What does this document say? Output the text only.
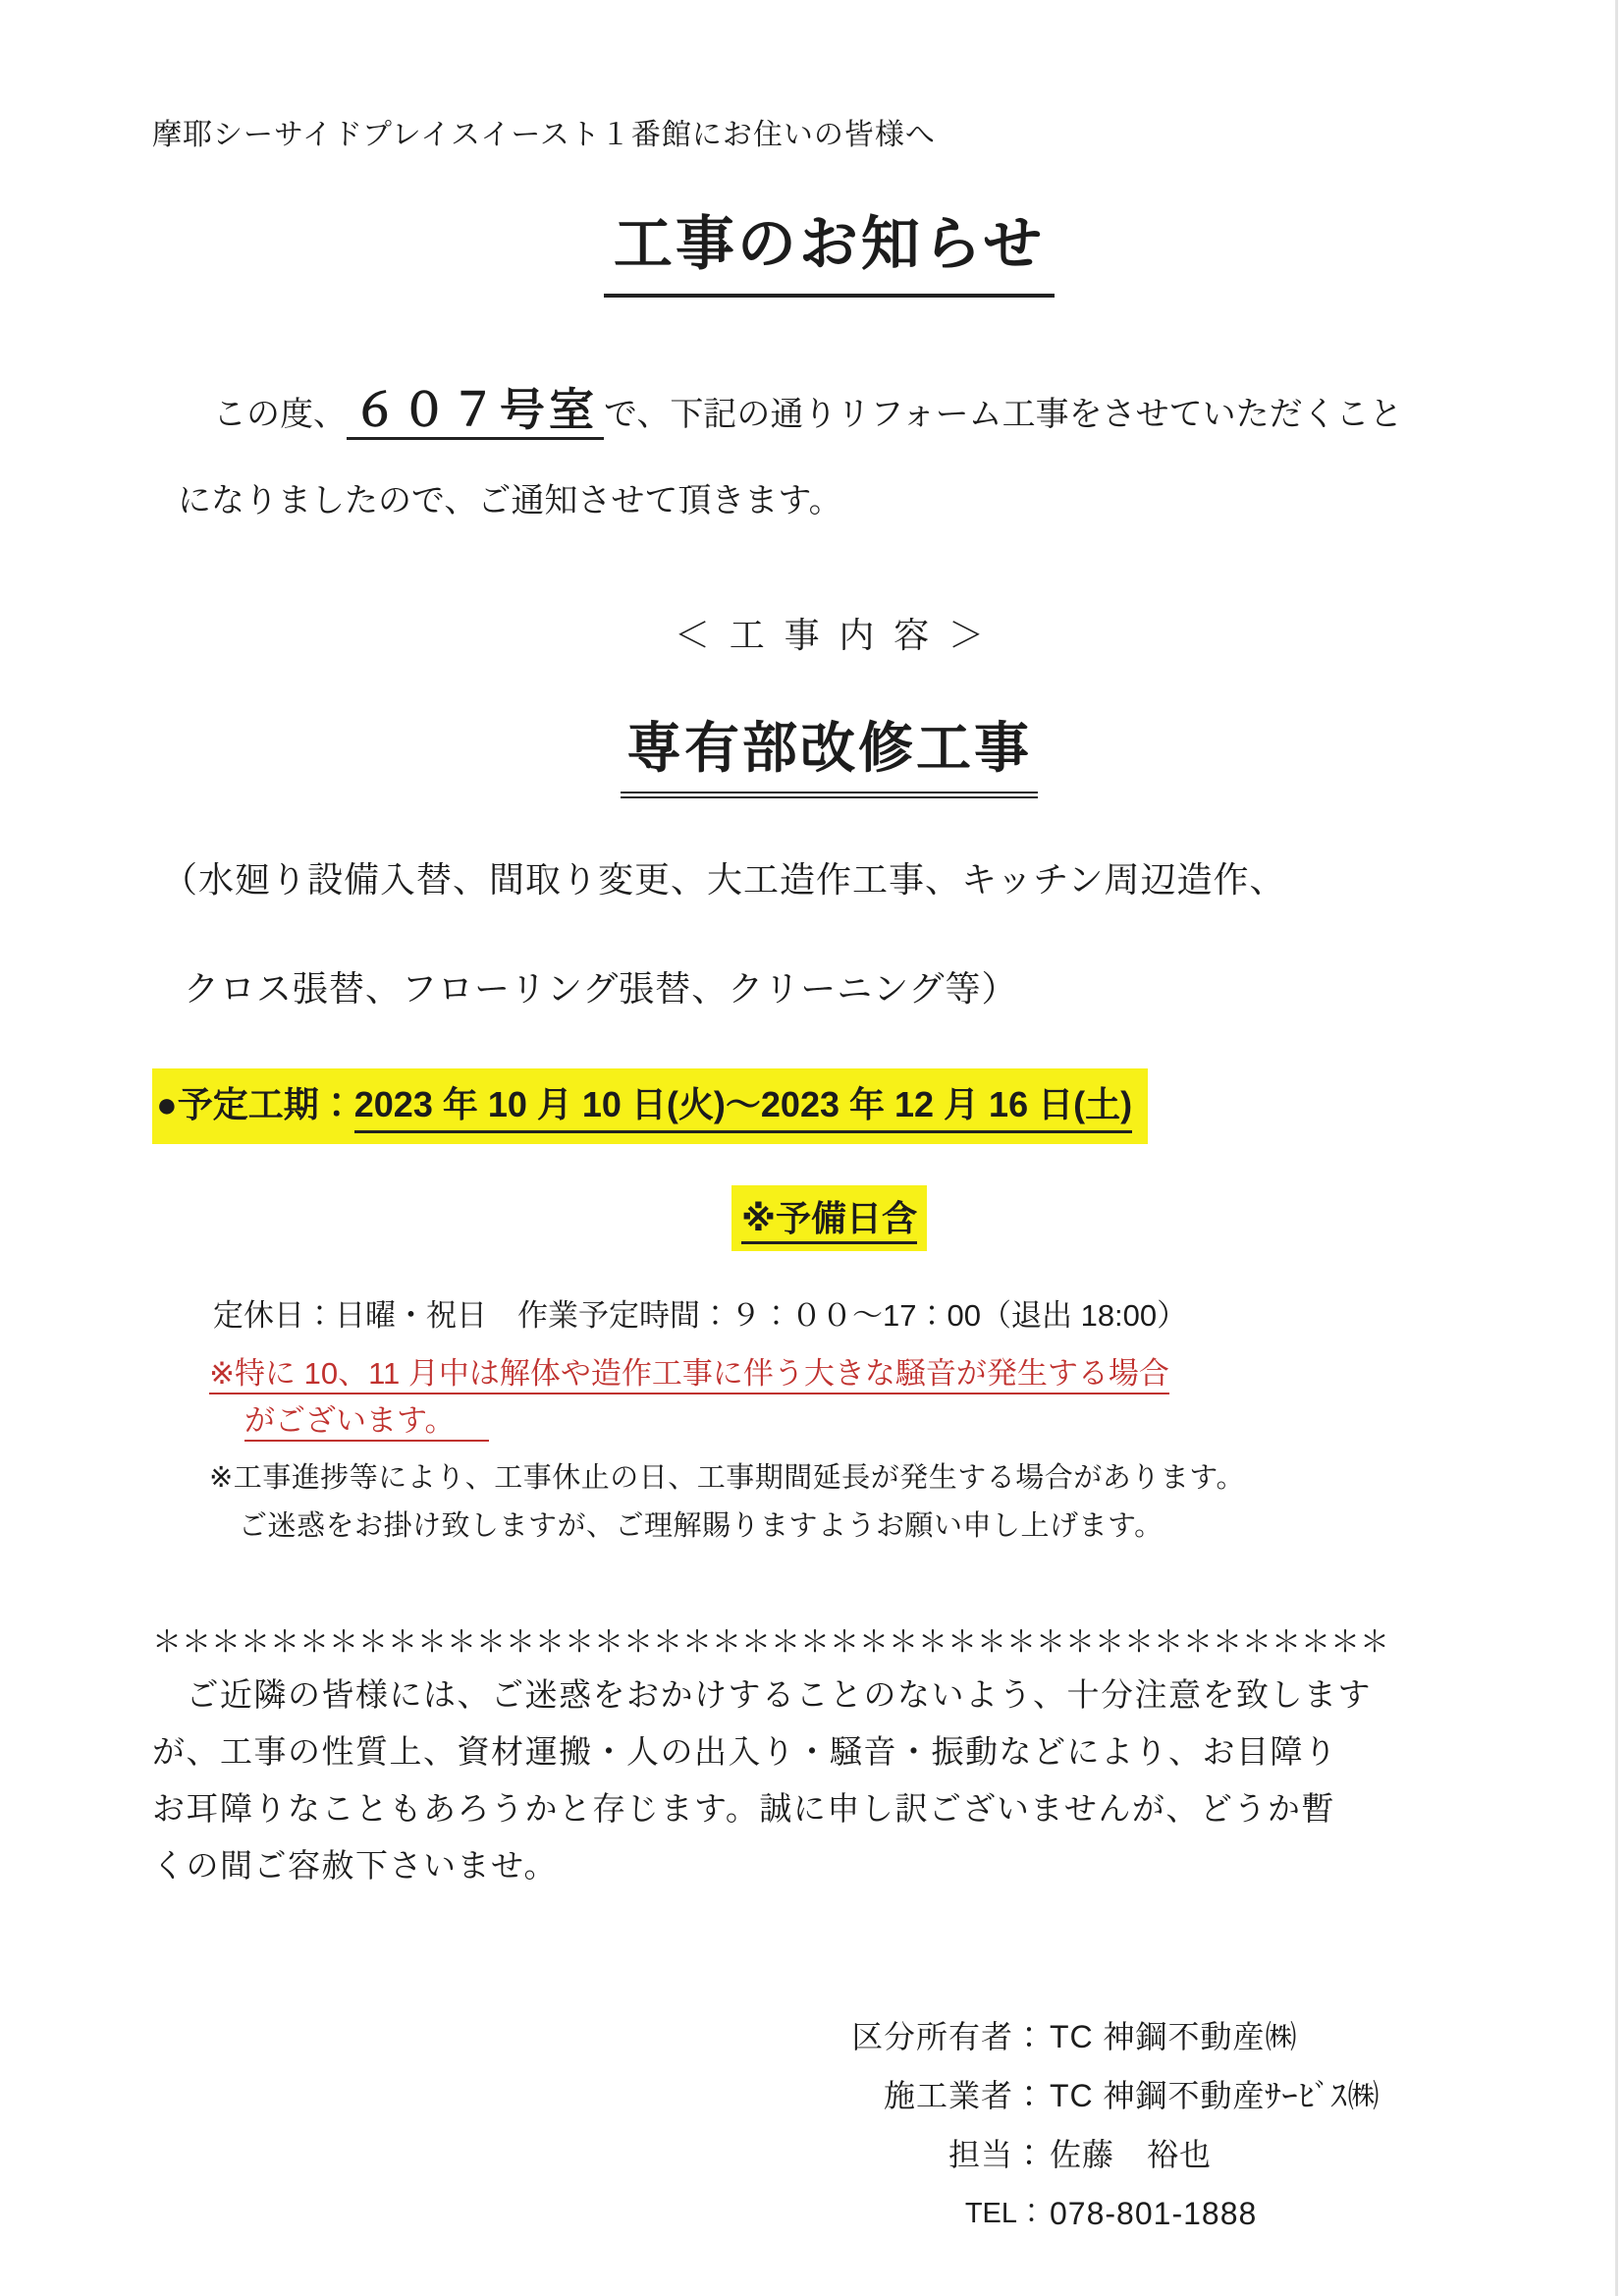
摩耶シーサイドプレイスイースト１番館にお住いの皆様へ

工事のお知らせ

この度、 ６０７号室 で、下記の通りリフォーム工事をさせていただくこと

になりましたので、ご通知させて頂きます。

＜工事内容＞

専有部改修工事

（水廻り設備入替、間取り変更、大工造作工事、キッチン周辺造作、

クロス張替、フローリング張替、クリーニング等）

●予定工期：2023 年 10 月 10 日(火)～2023 年 12 月 16 日(土)
※予備日含

定休日：日曜・祝日　作業予定時間：９：００～17：00（退出 18:00）

※特に 10、11 月中は解体や造作工事に伴う大きな騒音が発生する場合

がございます。

※工事進捗等により、工事休止の日、工事期間延長が発生する場合があります。

ご迷惑をお掛け致しますが、ご理解賜りますようお願い申し上げます。

＊＊＊＊＊＊＊＊＊＊＊＊＊＊＊＊＊＊＊＊＊＊＊＊＊＊＊＊＊＊＊＊＊＊＊＊＊＊＊＊＊＊

　ご近隣の皆様には、ご迷惑をおかけすることのないよう、十分注意を致します

が、工事の性質上、資材運搬・人の出入り・騒音・振動などにより、お目障り

お耳障りなこともあろうかと存じます。誠に申し訳ございませんが、どうか暫

くの間ご容赦下さいませ。

区分所有者： TC 神鋼不動産㈱
施工業者： TC 神鋼不動産ｻｰﾋﾞｽ㈱
担当： 佐藤　裕也
TEL： 078-801-1888
